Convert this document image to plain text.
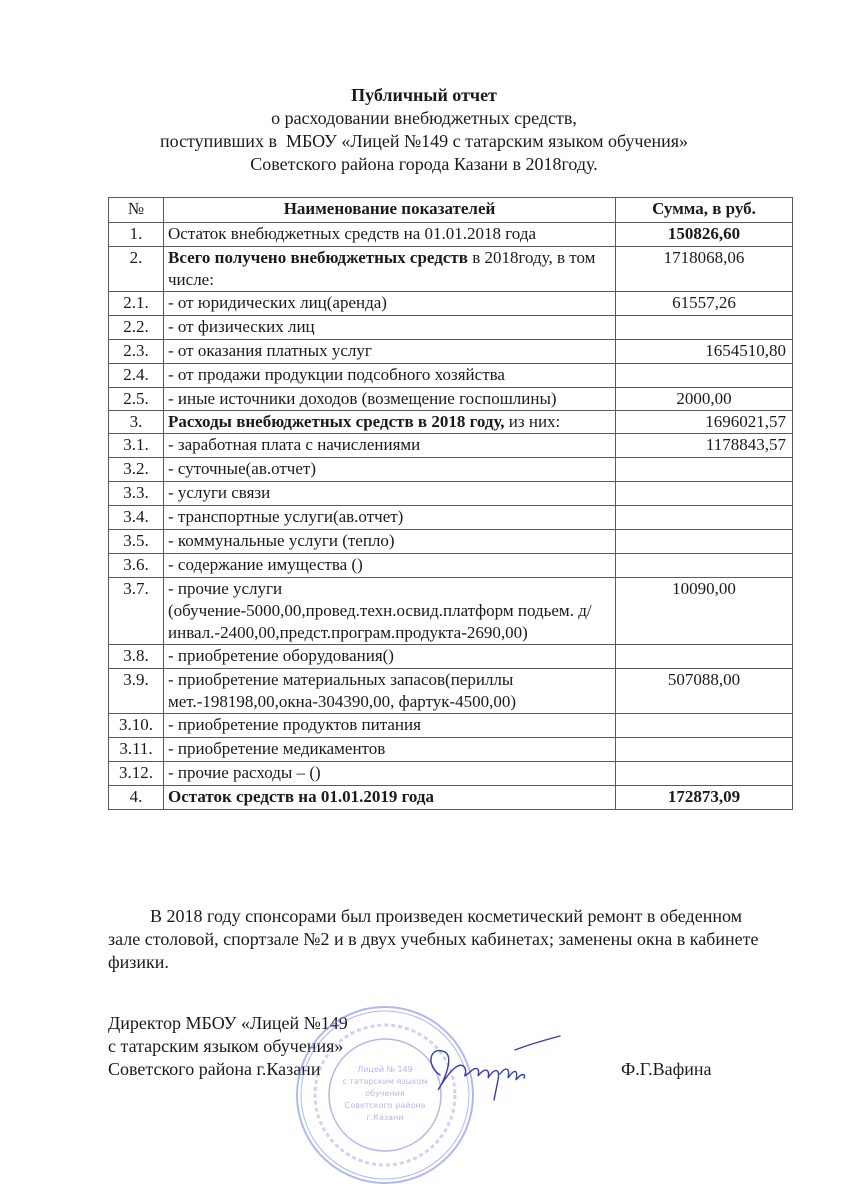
Публичный отчет
о расходовании внебюджетных средств,
поступивших в  МБОУ «Лицей №149 с татарским языком обучения»
Советского района города Казани в 2018году.
№	Наименование показателей	Сумма, в руб.
1.	Остаток внебюджетных средств на 01.01.2018 года	150826,60
2.	Всего получено внебюджетных средств в 2018году, в том числе:	1718068,06
2.1.	- от юридических лиц(аренда)	61557,26
2.2.	- от физических лиц	
2.3.	- от оказания платных услуг	1654510,80
2.4.	- от продажи продукции подсобного хозяйства	
2.5.	- иные источники доходов (возмещение госпошлины)	2000,00
3.	Расходы внебюджетных средств в 2018 году, из них:	1696021,57
3.1.	- заработная плата с начислениями	1178843,57
3.2.	- суточные(ав.отчет)	
3.3.	- услуги связи	
3.4.	- транспортные услуги(ав.отчет)	
3.5.	- коммунальные услуги (тепло)	
3.6.	- содержание имущества ()	
3.7.	- прочие услуги (обучение-5000,00,провед.техн.освид.платформ подьем. д/инвал.-2400,00,предст.програм.продукта-2690,00)	10090,00
3.8.	- приобретение оборудования()	
3.9.	- приобретение материальных запасов(периллы мет.-198198,00,окна-304390,00, фартук-4500,00)	507088,00
3.10.	- приобретение продуктов питания	
3.11.	- приобретение медикаментов	
3.12.	- прочие расходы – ()	
4.	Остаток средств на 01.01.2019 года	172873,09
В 2018 году спонсорами был произведен косметический ремонт в обеденном зале столовой, спортзале №2 и в двух учебных кабинетах; заменены окна в кабинете физики.
Директор МБОУ «Лицей №149
с татарским языком обучения»
Советского района г.Казани	Ф.Г.Вафина
Лицей № 149
с татарским языком
обучения
Советского района
г.Казани
